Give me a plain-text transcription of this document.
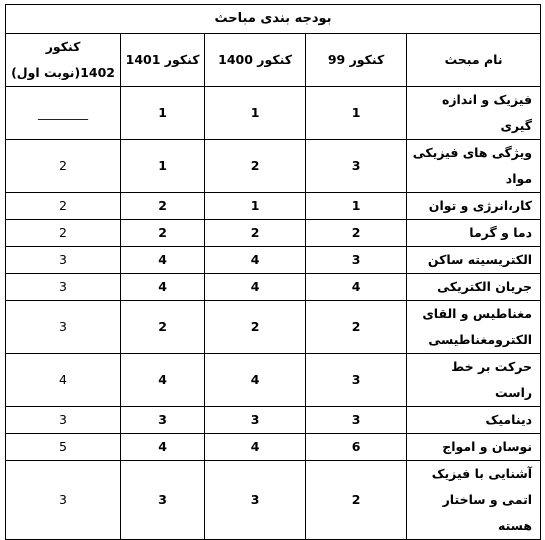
بودجه بندی مباحث				
نام مبحث	کنکور 99	کنکور 1400	کنکور 1401	کنکور 1402(نوبت اول)
فیزیک و اندازه گیری	1	1	1	________
ویژگی های فیزیکی مواد	3	2	1	2
کار،انرژی و توان	1	1	2	2
دما و گرما	2	2	2	2
الکتریسیته ساکن	3	4	4	3
جریان الکتریکی	4	4	4	3
مغناطیس و القای الکترومغناطیسی	2	2	2	3
حرکت بر خط راست	3	4	4	4
دینامیک	3	3	3	3
نوسان و امواج	6	4	4	5
آشنایی با فیزیک اتمی و ساختار هسته	2	3	3	3
